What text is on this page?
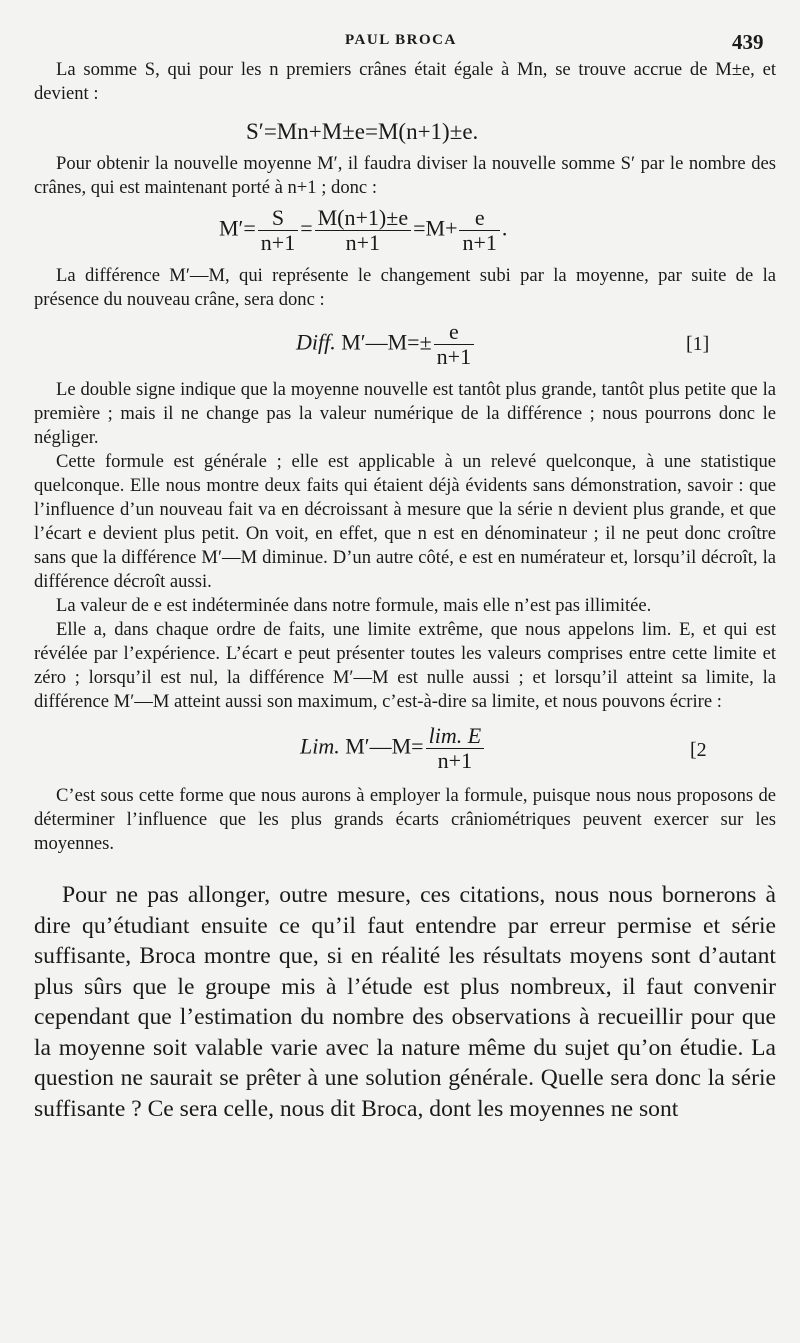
PAUL BROCA	439

La somme S, qui pour les n premiers crânes était égale à Mn, se trouve accrue de M±e, et devient :

S′=Mn+M±e=M(n+1)±e.

Pour obtenir la nouvelle moyenne M′, il faudra diviser la nouvelle somme S′ par le nombre des crânes, qui est maintenant porté à n+1 ; donc :

$M'= \frac{S}{n+1} = \frac{M(n+1)\pm e}{n+1} =M+ \frac{e}{n+1}$ .

La différence M′—M, qui représente le changement subi par la moyenne, par suite de la présence du nouveau crâne, sera donc :

Diff. M′—M=± $\frac{e}{n+1}$	[1]

Le double signe indique que la moyenne nouvelle est tantôt plus grande, tantôt plus petite que la première ; mais il ne change pas la valeur numérique de la différence ; nous pourrons donc le négliger.

Cette formule est générale ; elle est applicable à un relevé quelconque, à une statistique quelconque. Elle nous montre deux faits qui étaient déjà évidents sans démonstration, savoir : que l’influence d’un nouveau fait va en décroissant à mesure que la série n devient plus grande, et que l’écart e devient plus petit. On voit, en effet, que n est en dénominateur ; il ne peut donc croître sans que la différence M′—M diminue. D’un autre côté, e est en numérateur et, lorsqu’il décroît, la différence décroît aussi.

La valeur de e est indéterminée dans notre formule, mais elle n’est pas illimitée.

Elle a, dans chaque ordre de faits, une limite extrême, que nous appelons lim. E, et qui est révélée par l’expérience. L’écart e peut présenter toutes les valeurs comprises entre cette limite et zéro ; lorsqu’il est nul, la différence M′—M est nulle aussi ; et lorsqu’il atteint sa limite, la différence M′—M atteint aussi son maximum, c’est-à-dire sa limite, et nous pouvons écrire :

Lim. M′—M= $\frac{\lim. E}{n+1}$	[2

C’est sous cette forme que nous aurons à employer la formule, puisque nous nous proposons de déterminer l’influence que les plus grands écarts crâniométriques peuvent exercer sur les moyennes.

Pour ne pas allonger, outre mesure, ces citations, nous nous bornerons à dire qu’étudiant ensuite ce qu’il faut entendre par erreur permise et série suffisante, Broca montre que, si en réalité les résultats moyens sont d’autant plus sûrs que le groupe mis à l’étude est plus nombreux, il faut convenir cependant que l’estimation du nombre des observations à recueillir pour que la moyenne soit valable varie avec la nature même du sujet qu’on étudie. La question ne saurait se prêter à une solution générale. Quelle sera donc la série suffisante ? Ce sera celle, nous dit Broca, dont les moyennes ne sont
